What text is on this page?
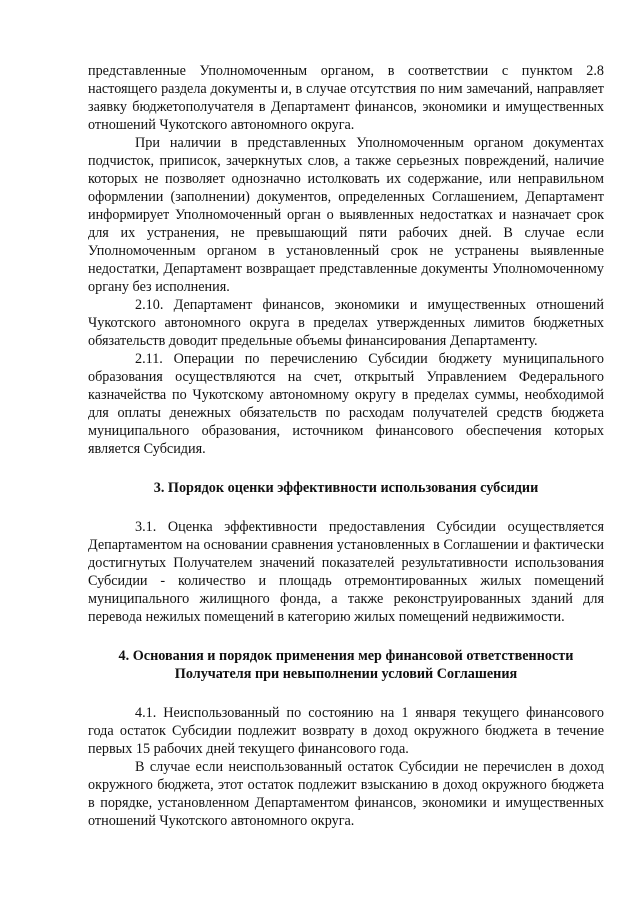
представленные Уполномоченным органом, в соответствии с пунктом 2.8 настоящего раздела документы и, в случае отсутствия по ним замечаний, направляет заявку бюджетополучателя в Департамент финансов, экономики и имущественных отношений Чукотского автономного округа.

При наличии в представленных Уполномоченным органом документах подчисток, приписок, зачеркнутых слов, а также серьезных повреждений, наличие которых не позволяет однозначно истолковать их содержание, или неправильном оформлении (заполнении) документов, определенных Соглашением, Департамент информирует Уполномоченный орган о выявленных недостатках и назначает срок для их устранения, не превышающий пяти рабочих дней. В случае если Уполномоченным органом в установленный срок не устранены выявленные недостатки, Департамент возвращает представленные документы Уполномоченному органу без исполнения.

2.10. Департамент финансов, экономики и имущественных отношений Чукотского автономного округа в пределах утвержденных лимитов бюджетных обязательств доводит предельные объемы финансирования Департаменту.

2.11. Операции по перечислению Субсидии бюджету муниципального образования осуществляются на счет, открытый Управлением Федерального казначейства по Чукотскому автономному округу в пределах суммы, необходимой для оплаты денежных обязательств по расходам получателей средств бюджета муниципального образования, источником финансового обеспечения которых является Субсидия.

3. Порядок оценки эффективности использования субсидии

3.1. Оценка эффективности предоставления Субсидии осуществляется Департаментом на основании сравнения установленных в Соглашении и фактически достигнутых Получателем значений показателей результативности использования Субсидии - количество и площадь отремонтированных жилых помещений муниципального жилищного фонда, а также реконструированных зданий для перевода нежилых помещений в категорию жилых помещений недвижимости.

4. Основания и порядок применения мер финансовой ответственности
Получателя при невыполнении условий Соглашения

4.1. Неиспользованный по состоянию на 1 января текущего финансового года остаток Субсидии подлежит возврату в доход окружного бюджета в течение первых 15 рабочих дней текущего финансового года.

В случае если неиспользованный остаток Субсидии не перечислен в доход окружного бюджета, этот остаток подлежит взысканию в доход окружного бюджета в порядке, установленном Департаментом финансов, экономики и имущественных отношений Чукотского автономного округа.
